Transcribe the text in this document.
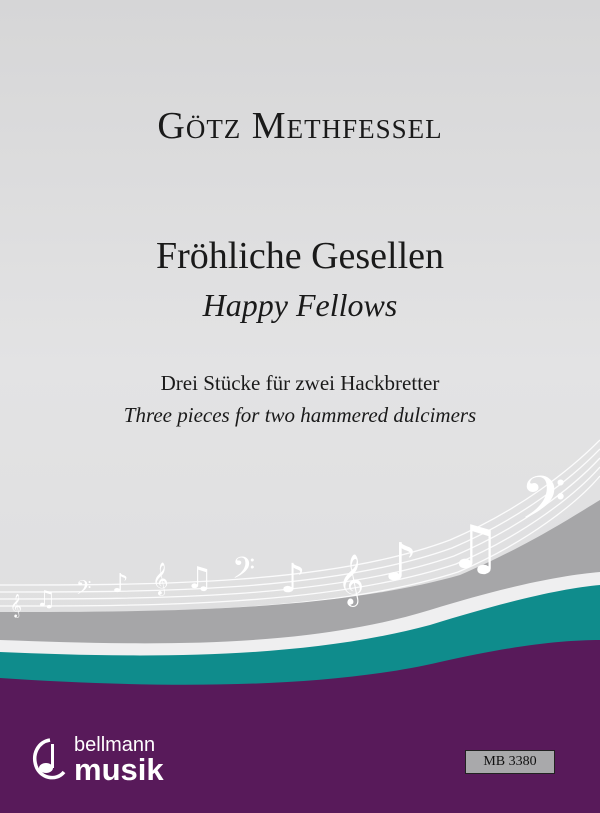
Götz Methfessel
Fröhliche Gesellen
Happy Fellows
Drei Stücke für zwei Hackbretter
Three pieces for two hammered dulcimers
𝄞 ♫ 𝄢 ♪ 𝄞 ♫ 𝄢 ♪ 𝄞 ♪ ♫
𝄢
bellmann
musik	MB 3380
